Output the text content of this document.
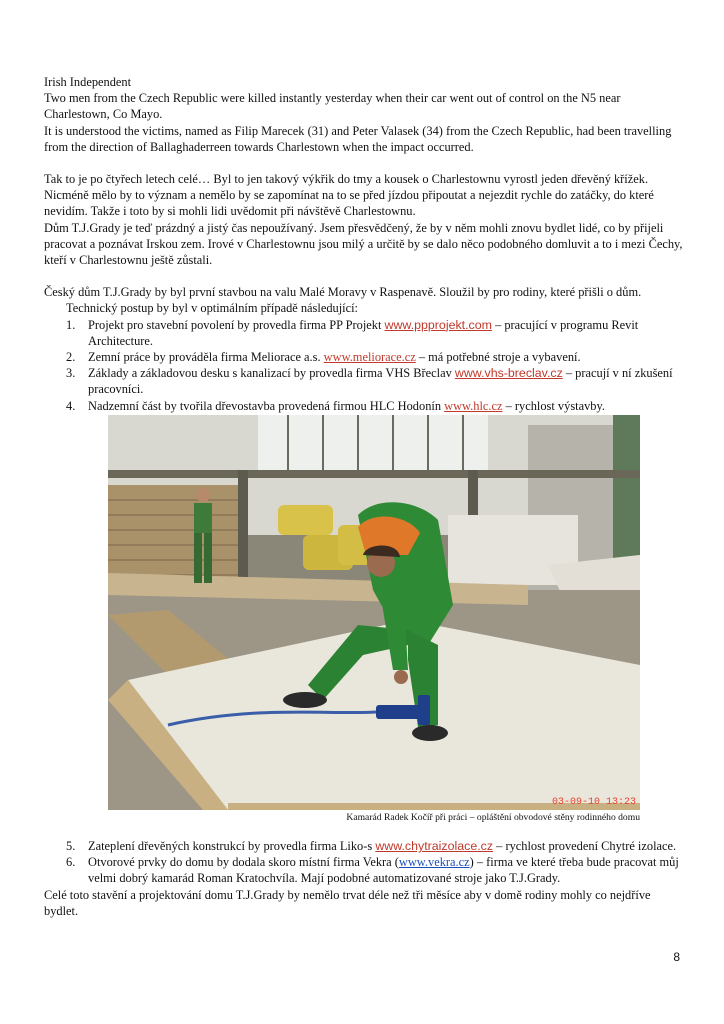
Irish Independent

Two men from the Czech Republic were killed instantly yesterday when their car went out of control on the N5 near Charlestown, Co Mayo.

It is understood the victims, named as Filip Marecek (31) and Peter Valasek (34) from the Czech Republic, had been travelling from the direction of Ballaghaderreen towards Charlestown when the impact occurred.

Tak to je po čtyřech letech celé… Byl to jen takový výkřik do tmy a kousek o Charlestownu vyrostl jeden dřevěný křížek. Nicméně mělo by to význam a nemělo by se zapomínat na to se před jízdou připoutat a nejezdit rychle do zatáčky, do které nevidím. Takže i toto by si mohli lidi uvědomit při návštěvě Charlestownu.

Dům T.J.Grady je teď prázdný a jistý čas nepoužívaný. Jsem přesvědčený, že by v něm mohli znovu bydlet lidé, co by přijeli pracovat a poznávat Irskou zem. Irové v Charlestownu jsou milý a určitě by se dalo něco podobného domluvit a to i mezi Čechy, kteří v Charlestownu ještě zůstali.

Český dům T.J.Grady by byl první stavbou na valu Malé Moravy v Raspenavě. Sloužil by pro rodiny, které přišli o dům.

Technický postup by byl v optimálním případě následující:

1. Projekt pro stavební povolení by provedla firma PP Projekt www.ppprojekt.com – pracující v programu Revit Architecture.
2. Zemní práce by prováděla firma Meliorace a.s. www.meliorace.cz – má potřebné stroje a vybavení.
3. Základy a základovou desku s kanalizací by provedla firma VHS Břeclav www.vhs-breclav.cz – pracují v ní zkušení pracovníci.
4. Nadzemní část by tvořila dřevostavba provedená firmou HLC Hodonín www.hlc.cz – rychlost výstavby.
03-09-10 13:23
Kamarád Radek Kočíř při práci – opláštění obvodové stěny rodinného domu
5. Zateplení dřevěných konstrukcí by provedla firma Liko-s www.chytraizolace.cz – rychlost provedení Chytré izolace.
6. Otvorové prvky do domu by dodala skoro místní firma Vekra (www.vekra.cz) – firma ve které třeba bude pracovat můj velmi dobrý kamarád Roman Kratochvíla. Mají podobné automatizované stroje jako T.J.Grady.

Celé toto stavění a projektování domu T.J.Grady by nemělo trvat déle než tři měsíce aby v domě rodiny mohly co nejdříve bydlet.

8
